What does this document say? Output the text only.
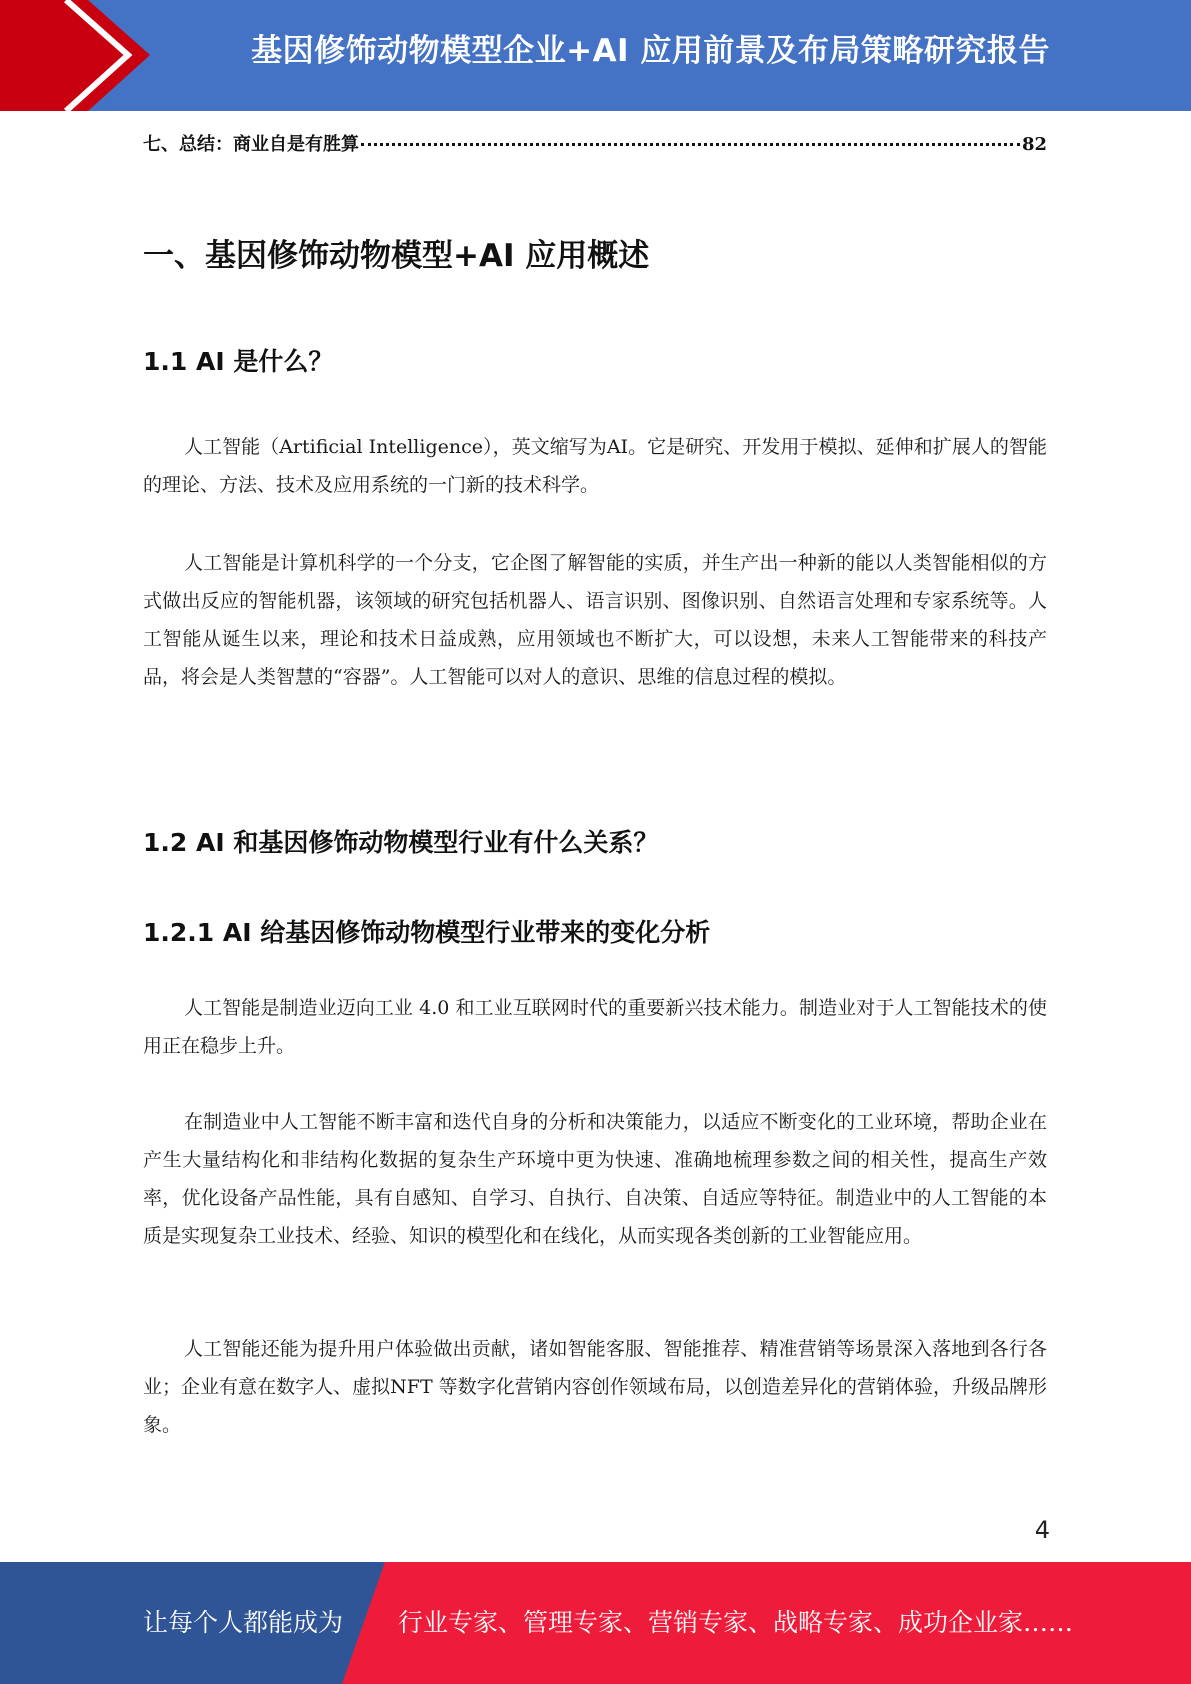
基因修饰动物模型企业+AI 应用前景及布局策略研究报告
七、总结：商业自是有胜算	82
一、基因修饰动物模型+AI 应用概述
1.1 AI 是什么？

人工智能（Artificial Intelligence），英文缩写为AI。它是研究、开发用于模拟、延伸和扩展人的智能的理论、方法、技术及应用系统的一门新的技术科学。

人工智能是计算机科学的一个分支，它企图了解智能的实质，并生产出一种新的能以人类智能相似的方式做出反应的智能机器，该领域的研究包括机器人、语言识别、图像识别、自然语言处理和专家系统等。人工智能从诞生以来，理论和技术日益成熟，应用领域也不断扩大，可以设想，未来人工智能带来的科技产品，将会是人类智慧的“容器”。人工智能可以对人的意识、思维的信息过程的模拟。

1.2 AI 和基因修饰动物模型行业有什么关系？
1.2.1 AI 给基因修饰动物模型行业带来的变化分析

人工智能是制造业迈向工业 4.0 和工业互联网时代的重要新兴技术能力。制造业对于人工智能技术的使用正在稳步上升。

在制造业中人工智能不断丰富和迭代自身的分析和决策能力，以适应不断变化的工业环境，帮助企业在产生大量结构化和非结构化数据的复杂生产环境中更为快速、准确地梳理参数之间的相关性，提高生产效率，优化设备产品性能，具有自感知、自学习、自执行、自决策、自适应等特征。制造业中的人工智能的本质是实现复杂工业技术、经验、知识的模型化和在线化，从而实现各类创新的工业智能应用。

人工智能还能为提升用户体验做出贡献，诸如智能客服、智能推荐、精准营销等场景深入落地到各行各业；企业有意在数字人、虚拟NFT 等数字化营销内容创作领域布局，以创造差异化的营销体验，升级品牌形象。

4
让每个人都能成为 行业专家、管理专家、营销专家、战略专家、成功企业家……
